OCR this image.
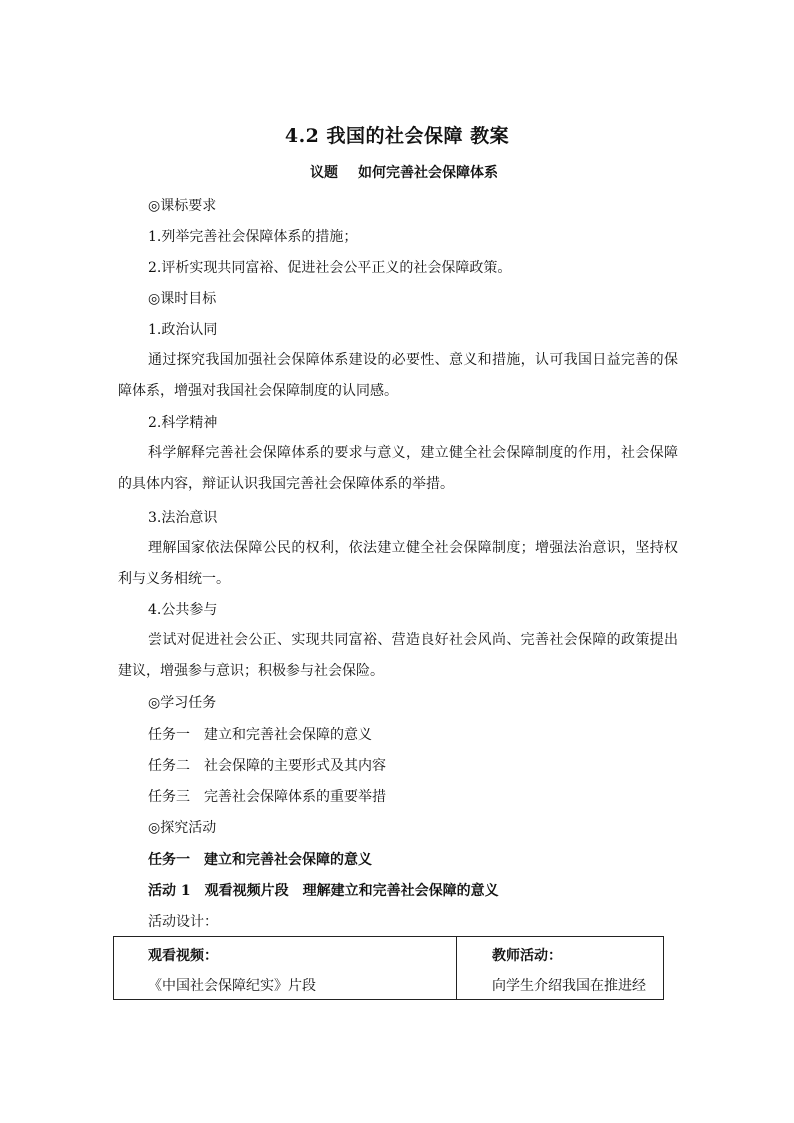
4.2 我国的社会保障 教案
议题 如何完善社会保障体系
◎课标要求
1.列举完善社会保障体系的措施；
2.评析实现共同富裕、促进社会公平正义的社会保障政策。
◎课时目标
1.政治认同
通过探究我国加强社会保障体系建设的必要性、意义和措施，认可我国日益完善的保障体系，增强对我国社会保障制度的认同感。
2.科学精神
科学解释完善社会保障体系的要求与意义，建立健全社会保障制度的作用，社会保障的具体内容，辩证认识我国完善社会保障体系的举措。
3.法治意识
理解国家依法保障公民的权利，依法建立健全社会保障制度；增强法治意识，坚持权利与义务相统一。
4.公共参与
尝试对促进社会公正、实现共同富裕、营造良好社会风尚、完善社会保障的政策提出建议，增强参与意识；积极参与社会保险。
◎学习任务
任务一 建立和完善社会保障的意义
任务二 社会保障的主要形式及其内容
任务三 完善社会保障体系的重要举措
◎探究活动
任务一 建立和完善社会保障的意义
活动 1 观看视频片段　理解建立和完善社会保障的意义
活动设计：
观看视频：
《中国社会保障纪实》片段
教师活动：
向学生介绍我国在推进经
